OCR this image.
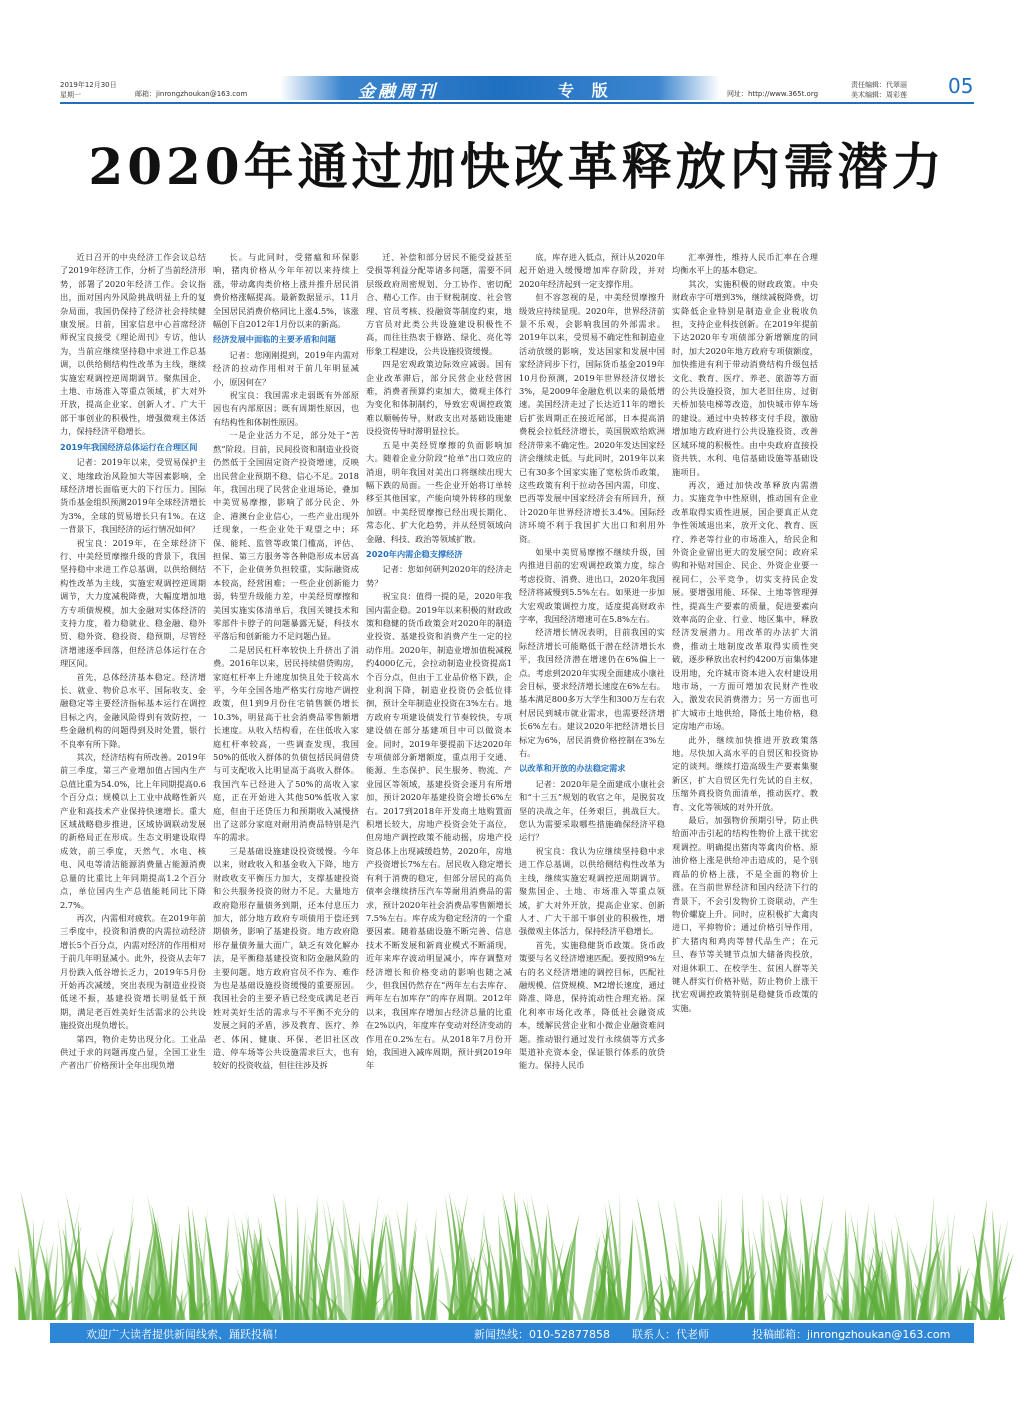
2019年12月30日
星期一	邮箱：jinrongzhoukan@163.com	金融周刊	专 版	网址：http://www.365t.org
责任编辑：代翠丽
美术编辑：周彩莲 05
2020年通过加快改革释放内需潜力

近日召开的中央经济工作会议总结了2019年经济工作，分析了当前经济形势，部署了2020年经济工作。会议指出，面对国内外风险挑战明显上升的复杂局面，我国仍保持了经济社会持续健康发展。日前，国家信息中心首席经济师祝宝良接受《理论周刊》专访，他认为，当前应继续坚持稳中求进工作总基调，以供给侧结构性改革为主线，继续实施宏观调控逆周期调节。聚焦国企、土地、市场准入等重点领域，扩大对外开放，提高企业家、创新人才、广大干部干事创业的积极性，增强微观主体活力，保持经济平稳增长。

2019年我国经济总体运行在合理区间

记者：2019年以来，受贸易保护主义、地缘政治风险加大等因素影响，全球经济增长面临更大的下行压力。国际货币基金组织预测2019年全球经济增长为3%，全球的贸易增长只有1%。在这一背景下，我国经济的运行情况如何？

祝宝良：2019年，在全球经济下行、中美经贸摩擦升级的背景下，我国坚持稳中求进工作总基调，以供给侧结构性改革为主线，实施宏观调控逆周期调节，大力度减税降费，大幅度增加地方专项债规模，加大金融对实体经济的支持力度，着力稳就业、稳金融、稳外贸、稳外资、稳投资、稳预期，尽管经济增速逐季回落，但经济总体运行在合理区间。

首先，总体经济基本稳定。经济增长、就业、物价总水平、国际收支、金融稳定等主要经济指标基本运行在调控目标之内，金融风险得到有效防控，一些金融机构的问题得到及时处置，银行不良率有所下降。

其次，经济结构有所改善。2019年前三季度，第三产业增加值占国内生产总值比重为54.0%，比上年同期提高0.6个百分点；规模以上工业中战略性新兴产业和高技术产业保持快速增长。重大区域战略稳步推进，区域协调联动发展的新格局正在形成。生态文明建设取得成效，前三季度，天然气、水电、核电、风电等清洁能源消费量占能源消费总量的比重比上年同期提高1.2个百分点，单位国内生产总值能耗同比下降2.7%。

再次，内需相对疲软。在2019年前三季度中，投资和消费的内需拉动经济增长5个百分点，内需对经济的作用相对于前几年明显减小。此外，投资从去年7月份跌入低谷增长乏力，2019年5月份开始再次减缓，突出表现为制造业投资低迷不振，基建投资增长明显低于预期，满足老百姓美好生活需求的公共设施投资出现负增长。

第四，物价走势出现分化。工业品供过于求的问题再度凸显，全国工业生产者出厂价格预计全年出现负增

长。与此同时，受猪瘟和环保影响，猪肉价格从今年年初以来持续上涨，带动禽肉类价格上涨并推升居民消费价格涨幅提高。最新数据显示，11月全国居民消费价格同比上涨4.5%，该涨幅创下自2012年1月份以来的新高。

经济发展中面临的主要矛盾和问题

记者：您刚刚提到，2019年内需对经济的拉动作用相对于前几年明显减小，原因何在？

祝宝良：我国需求走弱既有外部原因也有内部原因；既有周期性原因，也有结构性和体制性原因。

一是企业活力不足，部分处于“苦熬”阶段。目前，民间投资和制造业投资仍然低于全国固定资产投资增速，反映出民营企业预期不稳、信心不足。2018年，我国出现了民营企业退场论，叠加中美贸易摩擦，影响了部分民企、外企、港澳台企业信心，一些产业出现外迁现象，一些企业处于观望之中；环保、能耗、监管等政策门槛高，评估、担保、第三方服务等各种隐形成本居高不下，企业债务负担较重，实际融资成本较高，经营困难；一些企业创新能力弱，转型升级能力差，中美经贸摩擦和美国实施实体清单后，我国关键技术和零部件卡脖子的问题暴露无疑，科技水平落后和创新能力不足问题凸显。

二是居民杠杆率较快上升挤出了消费。2016年以来，居民持续借贷购房，家庭杠杆率上升速度加快且处于较高水平，今年全国各地严格实行房地产调控政策，但1到9月份住宅销售额仍增长10.3%，明显高于社会消费品零售额增长速度。从收入结构看，在住低收入家庭杠杆率较高，一些调查发现，我国50%的低收入群体的负债包括民间借贷与可支配收入比明显高于高收入群体。我国汽车已经进入了50%的高收入家庭，正在开始进入其他50%低收入家庭，但由于还贷压力和预期收入减慢挤出了这部分家庭对耐用消费品特别是汽车的需求。

三是基础设施建设投资缓慢。今年以来，财政收入和基金收入下降，地方财政收支平衡压力加大，支撑基建投资和公共服务投资的财力不足。大量地方政府隐形存量债务到期，还本付息压力加大，部分地方政府专项债用于偿还到期债务，影响了基建投资。地方政府隐形存量债务量大面广，缺乏有效化解办法，是平衡稳基建投资和防金融风险的主要问题。地方政府官员不作为、难作为也是基础设施投资缓慢的重要原因。我国社会的主要矛盾已经变成满足老百姓对美好生活的需求与不平衡不充分的发展之间的矛盾，涉及教育、医疗、养老、体闲、健康、环保、老旧社区改造、停车场等公共设施需求巨大，也有较好的投资收益，但往往涉及拆

迁、补偿和部分居民不能受益甚至受损等利益分配等诸多问题，需要不同层级政府周密规划、分工协作、密切配合、精心工作。由于财税制度、社会管理、官员考核、投融资等制度约束，地方官员对此类公共设施建设积极性不高，而往往热衷于修路、绿化、亮化等形象工程建设，公共设施投资缓慢。

四是宏观政策边际效应减弱。国有企业改革滞后，部分民营企业经营困难，消费者预算约束加大，微观主体行为变化和体制制约，导致宏观调控政策难以顺畅传导，财政支出对基础设施建设投资传导时滞明显拉长。

五是中美经贸摩擦的负面影响加大。随着企业分阶段“抢单”出口效应的消退，明年我国对美出口将继续出现大幅下跌的局面。一些企业开始将订单转移至其他国家，产能向境外转移的现象加剧。中美经贸摩擦已经出现长期化、常态化、扩大化趋势，并从经贸领域向金融、科技、政治等领域扩散。

2020年内需企稳支撑经济

记者：您如何研判2020年的经济走势？

祝宝良：值得一提的是，2020年我国内需企稳。2019年以来积极的财政政策和稳健的货币政策会对2020年的制造业投资、基建投资和消费产生一定的拉动作用。2020年，制造业增加值税减税约4000亿元，会拉动制造业投资提高1个百分点，但由于工业品价格下跌，企业利润下降，制造业投资仍会低位徘徊，预计全年制造业投资在3%左右。地方政府专项建设债发行节奏较快，专项建设债在部分基建项目中可以做资本金。同时，2019年要提前下达2020年专项债部分新增额度，重点用于交通、能源、生态保护、民生服务、物流、产业园区等领域，基建投资会逐月有所增加，预计2020年基建投资会增长6%左右。2017到2018年开发商土地购置面积增长较大，房地产投资会处于高位，但房地产调控政策不能动摇，房地产投资总体上出现减缓趋势，2020年，房地产投资增长7%左右。居民收入稳定增长有利于消费的稳定，但部分居民的高负债率会继续挤压汽车等耐用消费品的需求，预计2020年社会消费品零售额增长7.5%左右。库存成为稳定经济的一个重要因素。随着基础设施不断完善、信息技术不断发展和新商业模式不断涌现，近年来库存波动明显减小，库存调整对经济增长和价格变动的影响也随之减少，但我国仍然存在“两年左右去库存、两年左右加库存”的库存周期。2012年以来，我国库存增加占经济总量的比重在2%以内，年度库存变动对经济变动的作用在0.2%左右。从2018年7月份开始，我国进入减库周期，预计到2019年年

底，库存进入低点，预计从2020年起开始进入缓慢增加库存阶段，并对2020年经济起到一定支撑作用。

但不容忽视的是，中美经贸摩擦升级效应持续显现。2020年，世界经济前景不乐观，会影响我国的外部需求。2019年以来，受贸易不确定性和制造业活动放缓的影响，发达国家和发展中国家经济同步下行，国际货币基金2019年10月份预测，2019年世界经济仅增长3%，是2009年金融危机以来的最低增速。美国经济走过了长达近11年的增长后扩张周期正在接近尾部，日本提高消费税会拉低经济增长，英国脱欧给欧洲经济带来不确定性。2020年发达国家经济会继续走低。与此同时，2019年以来已有30多个国家实施了宽松货币政策，这些政策有利于拉动各国内需，印度、巴西等发展中国家经济会有所回升，预计2020年世界经济增长3.4%。国际经济环境不利于我国扩大出口和利用外资。

如果中美贸易摩擦不继续升级，国内推进目前的宏观调控政策力度，综合考虑投资、消费、进出口，2020年我国经济将减慢到5.5%左右。如果进一步加大宏观政策调控力度，适度提高财政赤字率，我国经济增速可在5.8%左右。

经济增长情况表明，目前我国的实际经济增长可能略低于潜在经济增长水平，我国经济潜在增速仍在6%偏上一点。考虑到2020年实现全面建成小康社会目标，要求经济增长速度在6%左右。基本满足800多万大学生和300万左右农村居民到城市就业需求，也需要经济增长6%左右。建议2020年把经济增长目标定为6%，居民消费价格控制在3%左右。

以改革和开放的办法稳定需求

记者：2020年是全面建成小康社会和“十三五”规划的收官之年，是脱贫攻坚的决战之年，任务艰巨，挑战巨大。您认为需要采取哪些措施确保经济平稳运行？

祝宝良：我认为应继续坚持稳中求进工作总基调，以供给侧结构性改革为主线，继续实施宏观调控逆周期调节。聚焦国企、土地、市场准入等重点领域，扩大对外开放，提高企业家、创新人才、广大干部干事创业的积极性，增强微观主体活力，保持经济平稳增长。

首先，实施稳健货币政策。货币政策要与名义经济增速匹配。要按照9%左右的名义经济增速的调控目标，匹配社融规模、信贷规模、M2增长速度，通过降准、降息，保持流动性合理充裕。深化利率市场化改革，降低社会融资成本，缓解民营企业和小微企业融资难问题。推动银行通过发行永续债等方式多渠道补充资本金，保证银行体系的放贷能力。保持人民币

汇率弹性，维持人民币汇率在合理均衡水平上的基本稳定。

其次，实施积极的财政政策。中央财政赤字可增到3%，继续减税降费，切实降低企业特别是制造业企业税收负担，支持企业科技创新。在2019年提前下达2020年专项债部分新增额度的同时，加大2020年地方政府专项债额度，加快推进有利于带动消费结构升级包括文化、教育、医疗、养老、旅游等方面的公共设施投资，加大老旧住房、过街天桥加装电梯等改造，加快城市停车场的建设。通过中央转移支付手段，激励增加地方政府进行公共设施投资、改善区域环境的积极性。由中央政府直接投资共铁、水利、电信基础设施等基础设施项目。

再次，通过加快改革释放内需潜力。实施竞争中性原则，推动国有企业改革取得实质性进展，国企要真正从竞争性领域退出来，放开文化、教育、医疗、养老等行业的市场准入，给民企和外资企业留出更大的发展空间；政府采购和补贴对国企、民企、外资企业要一视同仁，公平竞争，切实支持民企发展。要增强用能、环保、土地等管理弹性，提高生产要素的质量，促进要素向效率高的企业、行业、地区集中，释放经济发展潜力。用改革的办法扩大消费，推动土地制度改革取得实质性突破，逐步释放出农村约4200万亩集体建设用地，允许城市资本进入农村建设用地市场，一方面可增加农民财产性收入，激发农民消费潜力；另一方面也可扩大城市土地供给，降低土地价格，稳定房地产市场。

此外，继续加快推进开放政策落地。尽快加入高水平的自贸区和投资协定的谈判。继续打造高级生产要素集聚新区，扩大自贸区先行先试的自主权，压缩外商投资负面清单，推动医疗、教育、文化等领域的对外开放。

最后，加强物价预期引导，防止供给面冲击引起的结构性物价上涨干扰宏观调控。明确提出猪肉等禽肉价格、原油价格上涨是供给冲击造成的，是个别商品的价格上涨，不是全面的物价上涨。在当前世界经济和国内经济下行的背景下，不会引发物价工资联动，产生物价螺旋上升。同时，应积极扩大禽肉进口，平抑物价；通过价格引导作用，扩大猪肉和鸡肉等替代品生产；在元旦、春节等关键节点加大储备肉投放，对退休职工、在校学生、贫困人群等关键人群实行价格补贴，防止物价上涨干扰宏观调控政策特别是稳健货币政策的实施。

欢迎广大读者提供新闻线索、踊跃投稿！	新闻热线：010-52877858 联系人：代老师	投稿邮箱：jinrongzhoukan@163.com
